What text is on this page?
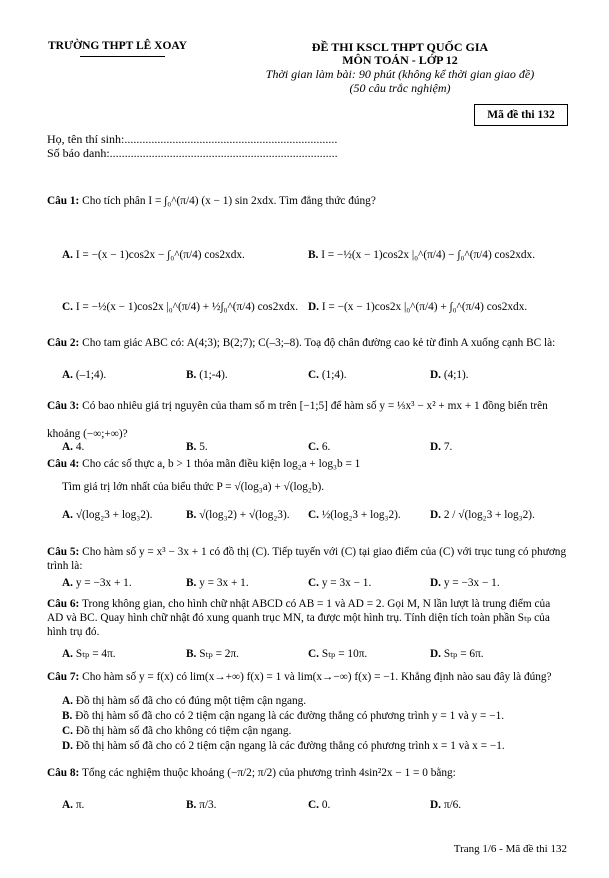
TRƯỜNG THPT LÊ XOAY	ĐỀ THI KSCL THPT QUỐC GIA
MÔN TOÁN - LỚP 12
Thời gian làm bài: 90 phút (không kể thời gian giao đề)
(50 câu trắc nghiệm)
Mã đề thi 132
Họ, tên thí sinh:.......................................................................
Số báo danh:............................................................................
Câu 1: Cho tích phân I = ∫₀^(π/4) (x − 1) sin 2xdx. Tìm đẳng thức đúng?
A. I = −(x − 1)cos2x − ∫₀^(π/4) cos2xdx.	B. I = −½(x − 1)cos2x |₀^(π/4) − ∫₀^(π/4) cos2xdx.
C. I = −½(x − 1)cos2x |₀^(π/4) + ½∫₀^(π/4) cos2xdx. D. I = −(x − 1)cos2x |₀^(π/4) + ∫₀^(π/4) cos2xdx.
Câu 2: Cho tam giác ABC có: A(4;3); B(2;7); C(–3;–8). Toạ độ chân đường cao kẻ từ đỉnh A xuống cạnh BC là:
A. (–1;4).	B. (1;-4).	C. (1;4).	D. (4;1).
Câu 3: Có bao nhiêu giá trị nguyên của tham số m trên [−1;5] để hàm số y = ⅓x³ − x² + mx + 1 đồng biến trên khoảng (−∞;+∞)?
A. 4.	B. 5.	C. 6.	D. 7.
Câu 4: Cho các số thực a, b > 1 thỏa mãn điều kiện log₂a + log₃b = 1
Tìm giá trị lớn nhất của biểu thức P = √(log₃a) + √(log₂b).
A. √(log₂3 + log₃2).	B. √(log₃2) + √(log₂3). C. ½(log₂3 + log₃2).	D. 2 / √(log₂3 + log₃2).
Câu 5: Cho hàm số y = x³ − 3x + 1 có đồ thị (C). Tiếp tuyến với (C) tại giao điểm của (C) với trục tung có phương trình là:
A. y = −3x + 1.	B. y = 3x + 1.	C. y = 3x − 1.	D. y = −3x − 1.
Câu 6: Trong không gian, cho hình chữ nhật ABCD có AB = 1 và AD = 2. Gọi M, N lần lượt là trung điểm của AD và BC. Quay hình chữ nhật đó xung quanh trục MN, ta được một hình trụ. Tính diện tích toàn phần Sₜₚ của hình trụ đó.
A. Sₜₚ = 4π.	B. Sₜₚ = 2π.	C. Sₜₚ = 10π.	D. Sₜₚ = 6π.
Câu 7: Cho hàm số y = f(x) có lim(x→+∞) f(x) = 1 và lim(x→−∞) f(x) = −1. Khẳng định nào sau đây là đúng?
A. Đồ thị hàm số đã cho có đúng một tiệm cận ngang.
B. Đồ thị hàm số đã cho có 2 tiệm cận ngang là các đường thẳng có phương trình y = 1 và y = −1.
C. Đồ thị hàm số đã cho không có tiệm cận ngang.
D. Đồ thị hàm số đã cho có 2 tiệm cận ngang là các đường thẳng có phương trình x = 1 và x = −1.
Câu 8: Tổng các nghiệm thuộc khoảng (−π/2; π/2) của phương trình 4sin²2x − 1 = 0 bằng:
A. π.	B. π/3.	C. 0.	D. π/6.
Trang 1/6 - Mã đề thi 132
